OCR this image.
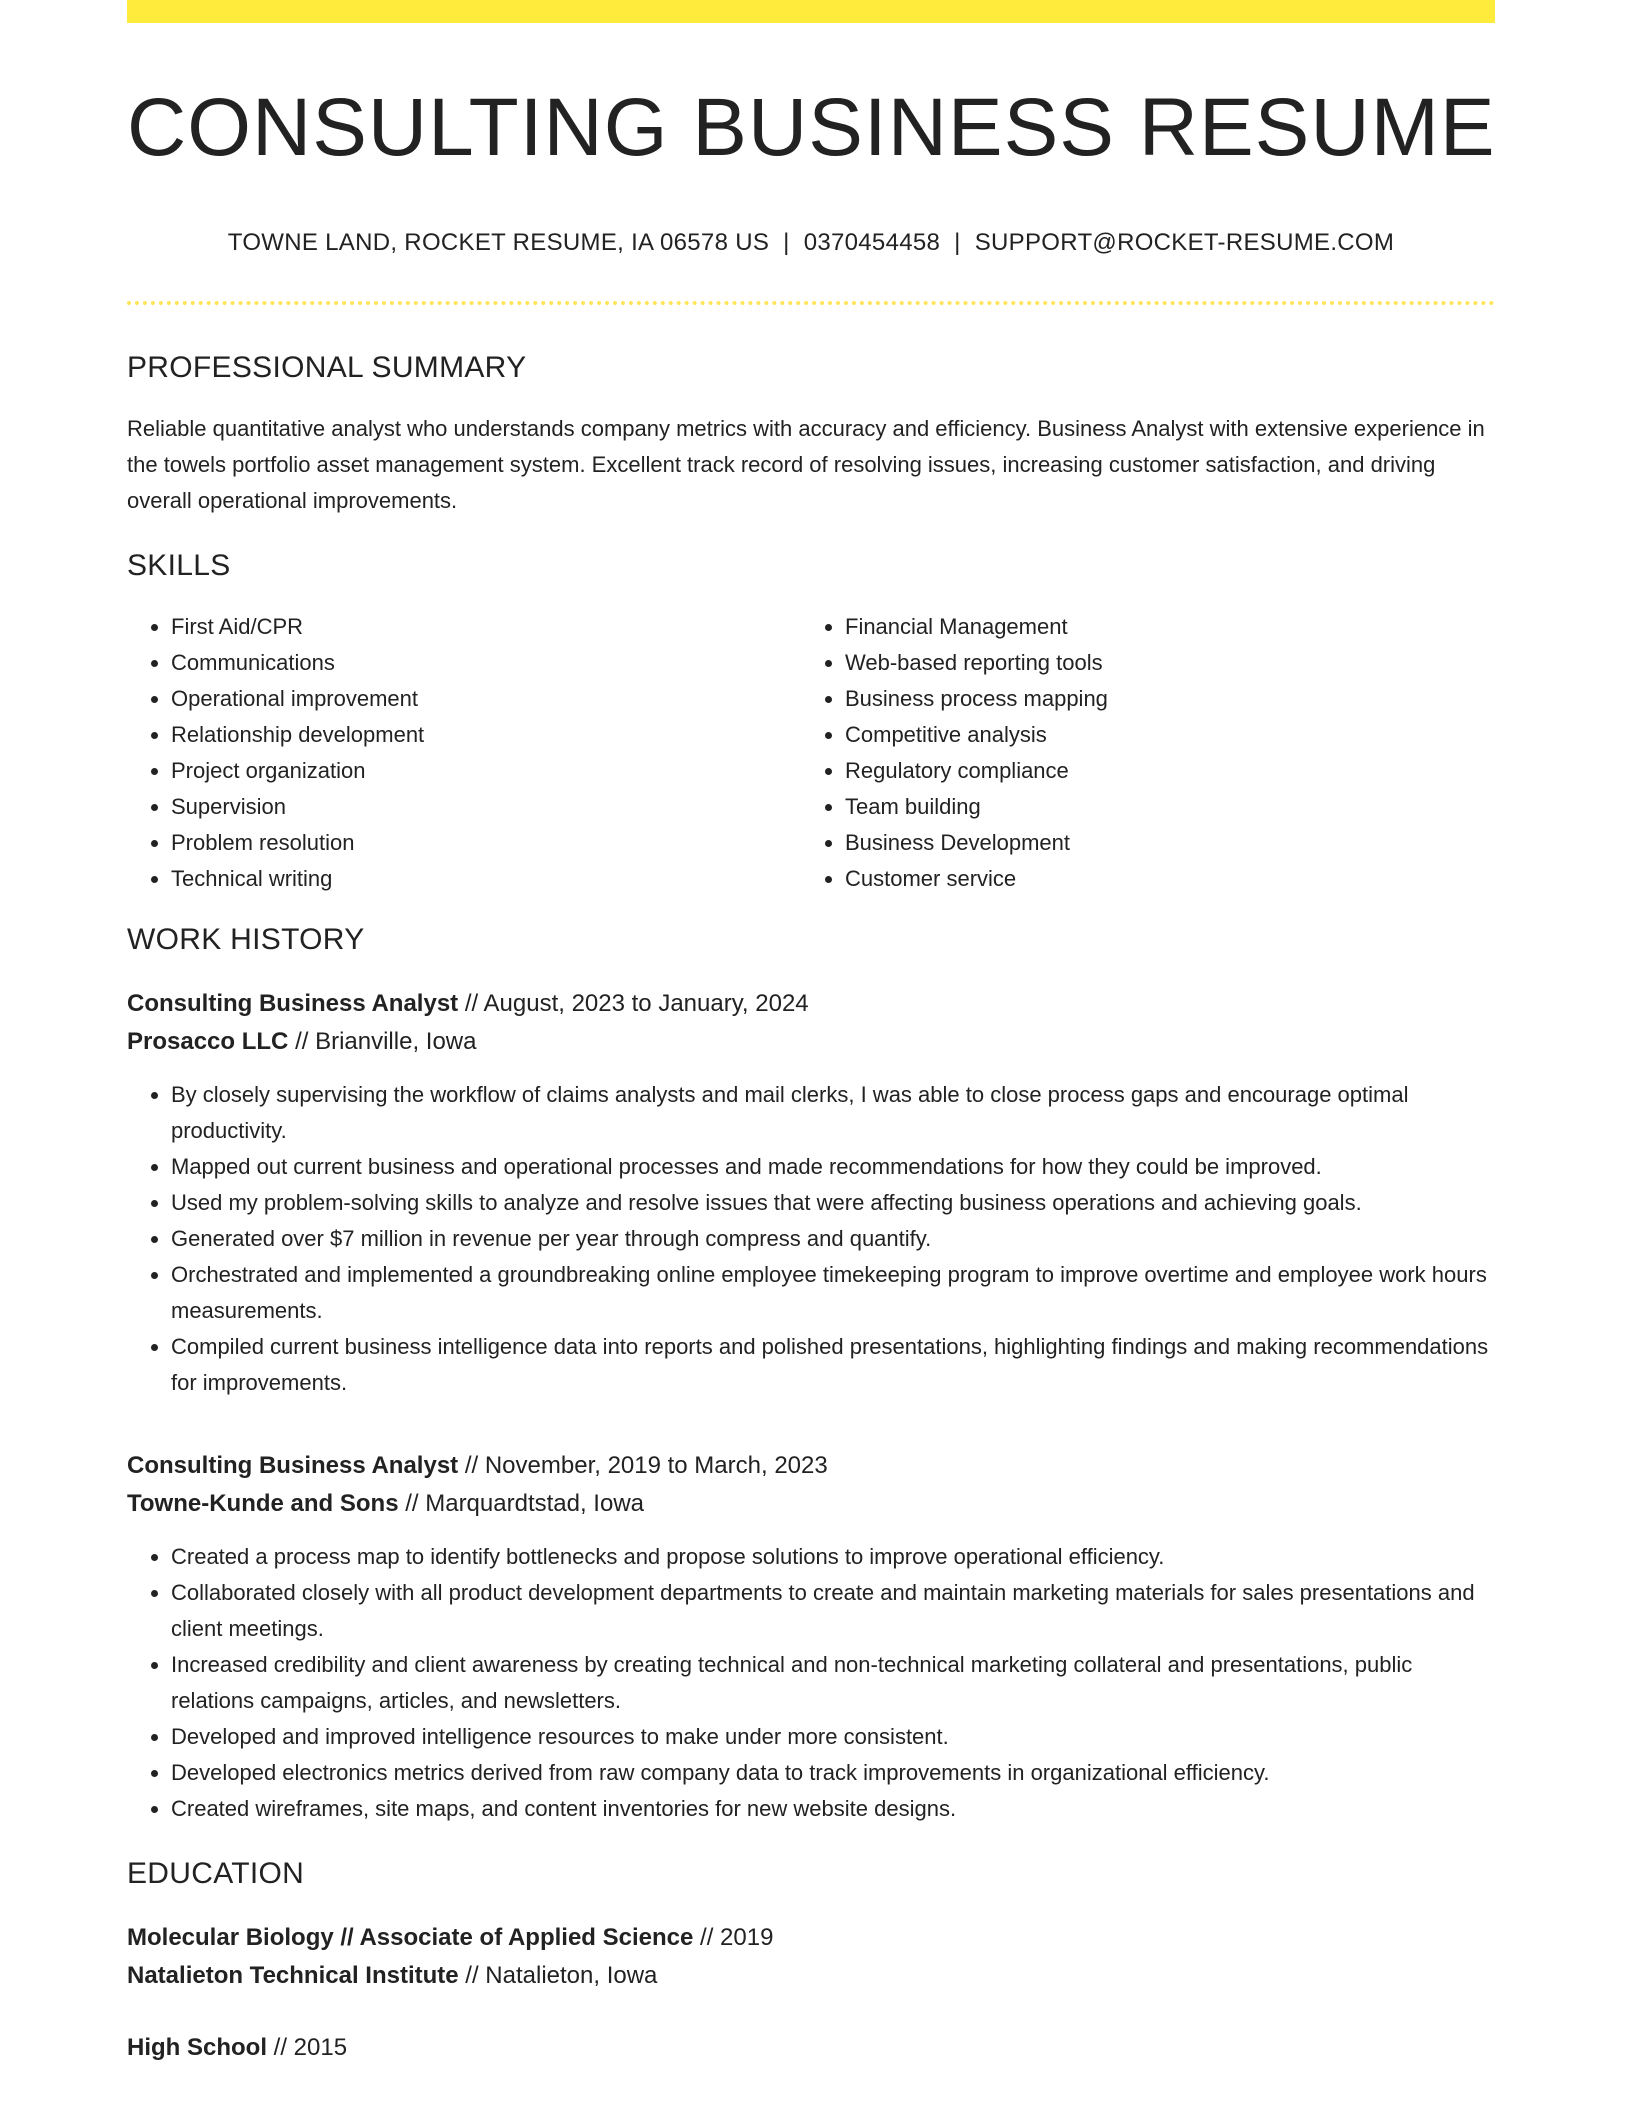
CONSULTING BUSINESS RESUME
TOWNE LAND, ROCKET RESUME, IA 06578 US | 0370454458 | SUPPORT@ROCKET-RESUME.COM
PROFESSIONAL SUMMARY

Reliable quantitative analyst who understands company metrics with accuracy and efficiency. Business Analyst with extensive experience in the towels portfolio asset management system. Excellent track record of resolving issues, increasing customer satisfaction, and driving overall operational improvements.

SKILLS
• First Aid/CPR
• Communications
• Operational improvement
• Relationship development
• Project organization
• Supervision
• Problem resolution
• Technical writing
• Financial Management
• Web-based reporting tools
• Business process mapping
• Competitive analysis
• Regulatory compliance
• Team building
• Business Development
• Customer service
WORK HISTORY
Consulting Business Analyst // August, 2023 to January, 2024
Prosacco LLC // Brianville, Iowa
• By closely supervising the workflow of claims analysts and mail clerks, I was able to close process gaps and encourage optimal productivity.
• Mapped out current business and operational processes and made recommendations for how they could be improved.
• Used my problem-solving skills to analyze and resolve issues that were affecting business operations and achieving goals.
• Generated over $7 million in revenue per year through compress and quantify.
• Orchestrated and implemented a groundbreaking online employee timekeeping program to improve overtime and employee work hours measurements.
• Compiled current business intelligence data into reports and polished presentations, highlighting findings and making recommendations for improvements.
Consulting Business Analyst // November, 2019 to March, 2023
Towne-Kunde and Sons // Marquardtstad, Iowa
• Created a process map to identify bottlenecks and propose solutions to improve operational efficiency.
• Collaborated closely with all product development departments to create and maintain marketing materials for sales presentations and client meetings.
• Increased credibility and client awareness by creating technical and non-technical marketing collateral and presentations, public relations campaigns, articles, and newsletters.
• Developed and improved intelligence resources to make under more consistent.
• Developed electronics metrics derived from raw company data to track improvements in organizational efficiency.
• Created wireframes, site maps, and content inventories for new website designs.
EDUCATION
Molecular Biology // Associate of Applied Science // 2019
Natalieton Technical Institute // Natalieton, Iowa
High School // 2015
